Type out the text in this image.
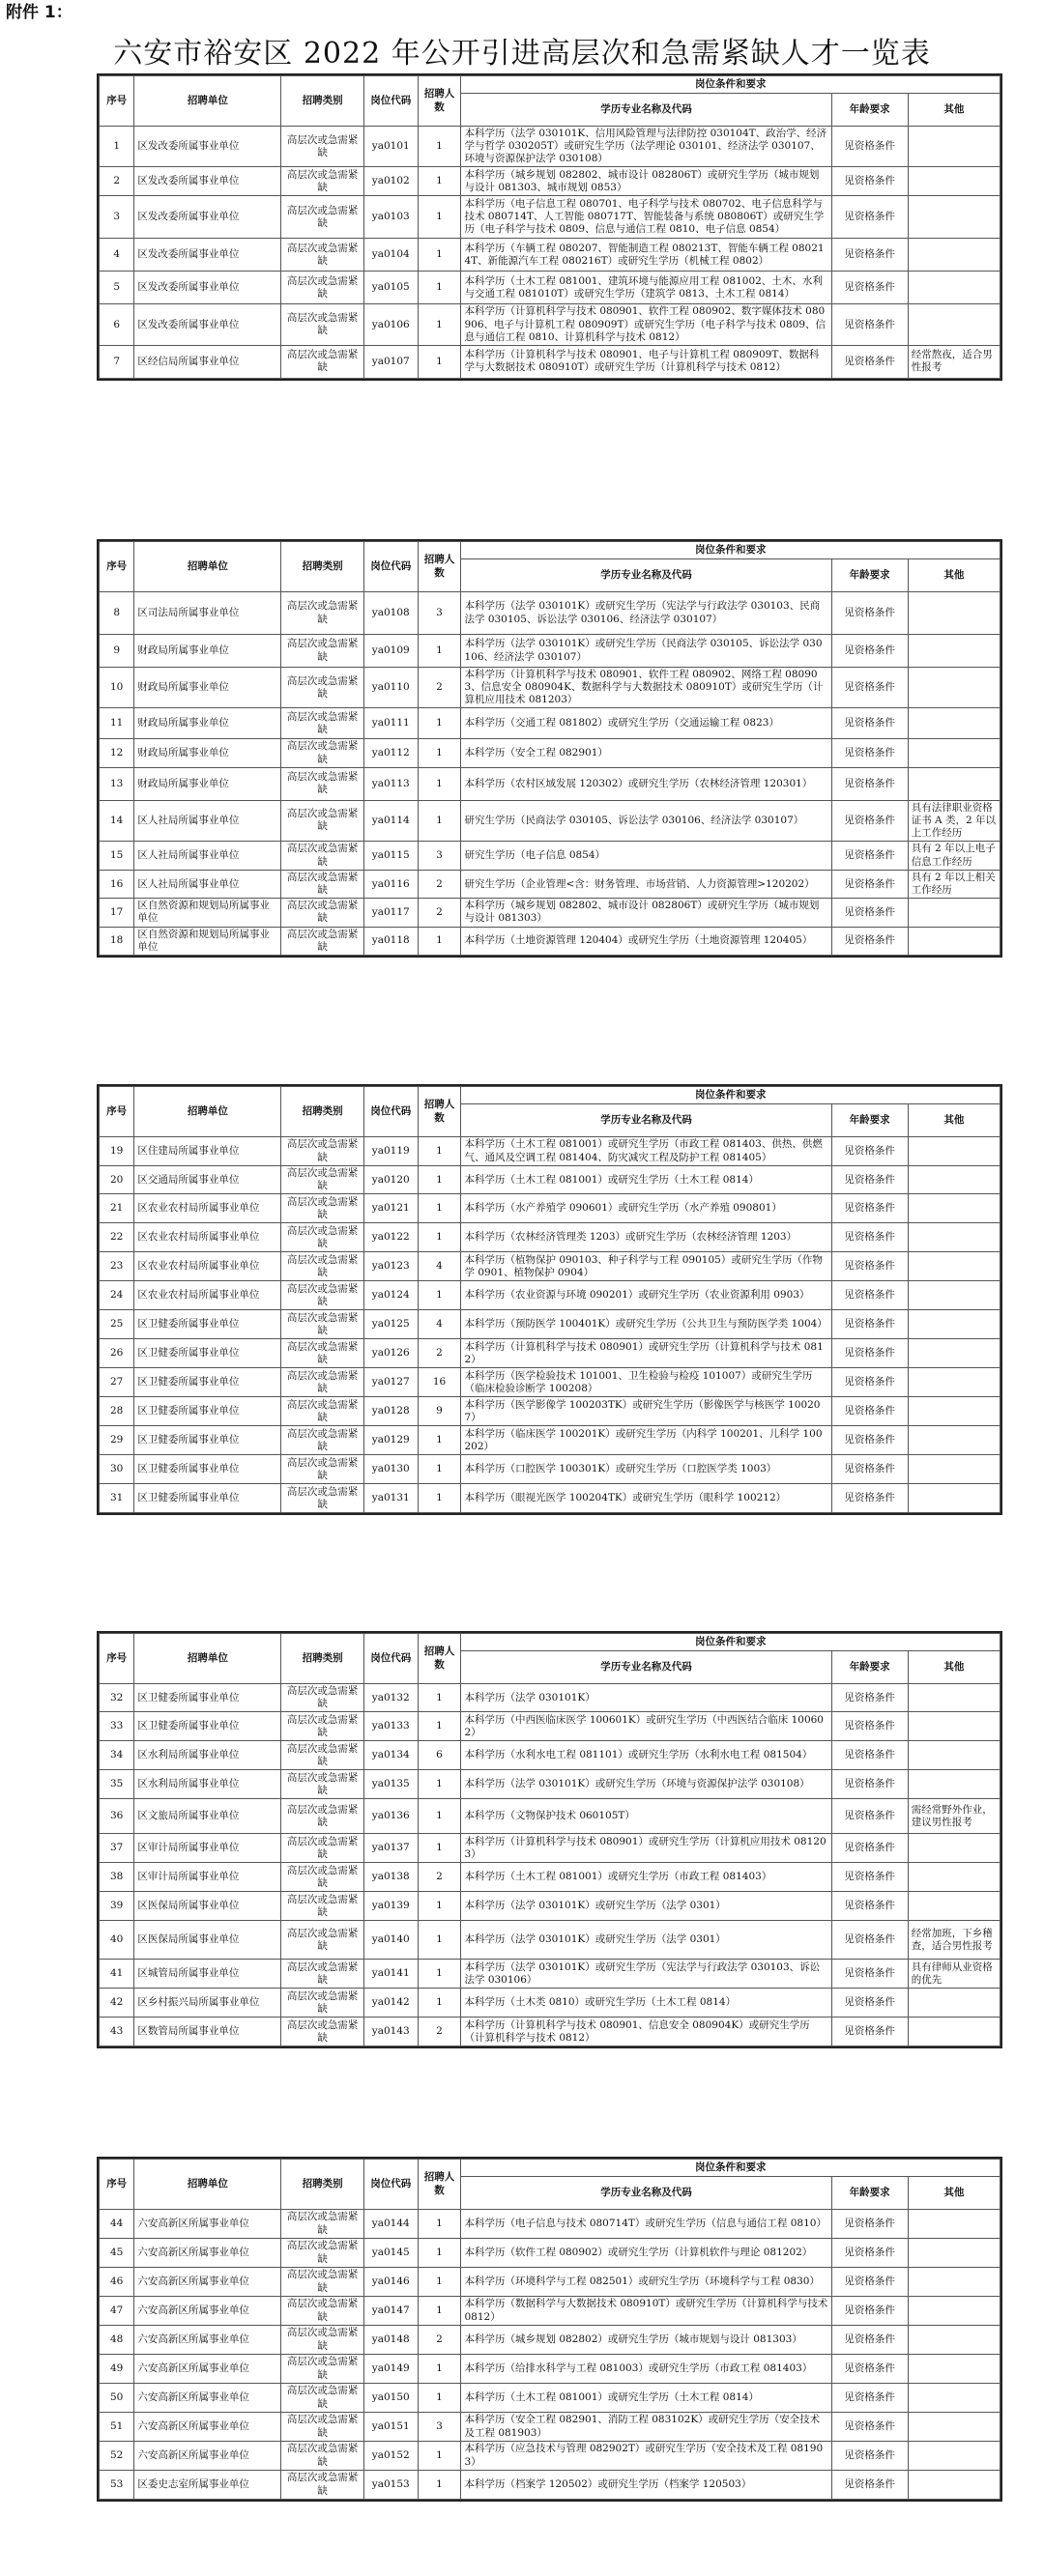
附件 1：
六安市裕安区 2022 年公开引进高层次和急需紧缺人才一览表
序号	招聘单位	招聘类别	岗位代码	招聘人数	岗位条件和要求		
					学历专业名称及代码	年龄要求	其他
1	区发改委所属事业单位	高层次或急需紧缺	ya0101	1	本科学历（法学 030101K、信用风险管理与法律防控 030104T、政治学、经济学与哲学 030205T）或研究生学历（法学理论 030101、经济法学 030107、环境与资源保护法学 030108）	见资格条件	
2	区发改委所属事业单位	高层次或急需紧缺	ya0102	1	本科学历（城乡规划 082802、城市设计 082806T）或研究生学历（城市规划与设计 081303、城市规划 0853）	见资格条件	
3	区发改委所属事业单位	高层次或急需紧缺	ya0103	1	本科学历（电子信息工程 080701、电子科学与技术 080702、电子信息科学与技术 080714T、人工智能 080717T、智能装备与系统 080806T）或研究生学历（电子科学与技术 0809、信息与通信工程 0810、电子信息 0854）	见资格条件	
4	区发改委所属事业单位	高层次或急需紧缺	ya0104	1	本科学历（车辆工程 080207、智能制造工程 080213T、智能车辆工程 080214T、新能源汽车工程 080216T）或研究生学历（机械工程 0802）	见资格条件	
5	区发改委所属事业单位	高层次或急需紧缺	ya0105	1	本科学历（土木工程 081001、建筑环境与能源应用工程 081002、土木、水利与交通工程 081010T）或研究生学历（建筑学 0813、土木工程 0814）	见资格条件	
6	区发改委所属事业单位	高层次或急需紧缺	ya0106	1	本科学历（计算机科学与技术 080901、软件工程 080902、数字媒体技术 080906、电子与计算机工程 080909T）或研究生学历（电子科学与技术 0809、信息与通信工程 0810、计算机科学与技术 0812）	见资格条件	
7	区经信局所属事业单位	高层次或急需紧缺	ya0107	1	本科学历（计算机科学与技术 080901、电子与计算机工程 080909T、数据科学与大数据技术 080910T）或研究生学历（计算机科学与技术 0812）	见资格条件	经常熬夜，适合男性报考
序号	招聘单位	招聘类别	岗位代码	招聘人数	岗位条件和要求		
					学历专业名称及代码	年龄要求	其他
8	区司法局所属事业单位	高层次或急需紧缺	ya0108	3	本科学历（法学 030101K）或研究生学历（宪法学与行政法学 030103、民商法学 030105、诉讼法学 030106、经济法学 030107）	见资格条件	
9	财政局所属事业单位	高层次或急需紧缺	ya0109	1	本科学历（法学 030101K）或研究生学历（民商法学 030105、诉讼法学 030106、经济法学 030107）	见资格条件	
10	财政局所属事业单位	高层次或急需紧缺	ya0110	2	本科学历（计算机科学与技术 080901、软件工程 080902、网络工程 080903、信息安全 080904K、数据科学与大数据技术 080910T）或研究生学历（计算机应用技术 081203）	见资格条件	
11	财政局所属事业单位	高层次或急需紧缺	ya0111	1	本科学历（交通工程 081802）或研究生学历（交通运输工程 0823）	见资格条件	
12	财政局所属事业单位	高层次或急需紧缺	ya0112	1	本科学历（安全工程 082901）	见资格条件	
13	财政局所属事业单位	高层次或急需紧缺	ya0113	1	本科学历（农村区域发展 120302）或研究生学历（农林经济管理 120301）	见资格条件	
14	区人社局所属事业单位	高层次或急需紧缺	ya0114	1	研究生学历（民商法学 030105、诉讼法学 030106、经济法学 030107）	见资格条件	具有法律职业资格证书 A 类，2 年以上工作经历
15	区人社局所属事业单位	高层次或急需紧缺	ya0115	3	研究生学历（电子信息 0854）	见资格条件	具有 2 年以上电子信息工作经历
16	区人社局所属事业单位	高层次或急需紧缺	ya0116	2	研究生学历（企业管理<含：财务管理、市场营销、人力资源管理>120202）	见资格条件	具有 2 年以上相关工作经历
17	区自然资源和规划局所属事业单位	高层次或急需紧缺	ya0117	2	本科学历（城乡规划 082802、城市设计 082806T）或研究生学历（城市规划与设计 081303）	见资格条件	
18	区自然资源和规划局所属事业单位	高层次或急需紧缺	ya0118	1	本科学历（土地资源管理 120404）或研究生学历（土地资源管理 120405）	见资格条件	
序号	招聘单位	招聘类别	岗位代码	招聘人数	岗位条件和要求		
					学历专业名称及代码	年龄要求	其他
19	区住建局所属事业单位	高层次或急需紧缺	ya0119	1	本科学历（土木工程 081001）或研究生学历（市政工程 081403、供热、供燃气、通风及空调工程 081404、防灾减灾工程及防护工程 081405）	见资格条件	
20	区交通局所属事业单位	高层次或急需紧缺	ya0120	1	本科学历（土木工程 081001）或研究生学历（土木工程 0814）	见资格条件	
21	区农业农村局所属事业单位	高层次或急需紧缺	ya0121	1	本科学历（水产养殖学 090601）或研究生学历（水产养殖 090801）	见资格条件	
22	区农业农村局所属事业单位	高层次或急需紧缺	ya0122	1	本科学历（农林经济管理类 1203）或研究生学历（农林经济管理 1203）	见资格条件	
23	区农业农村局所属事业单位	高层次或急需紧缺	ya0123	4	本科学历（植物保护 090103、种子科学与工程 090105）或研究生学历（作物学 0901、植物保护 0904）	见资格条件	
24	区农业农村局所属事业单位	高层次或急需紧缺	ya0124	1	本科学历（农业资源与环境 090201）或研究生学历（农业资源利用 0903）	见资格条件	
25	区卫健委所属事业单位	高层次或急需紧缺	ya0125	4	本科学历（预防医学 100401K）或研究生学历（公共卫生与预防医学类 1004）	见资格条件	
26	区卫健委所属事业单位	高层次或急需紧缺	ya0126	2	本科学历（计算机科学与技术 080901）或研究生学历（计算机科学与技术 0812）	见资格条件	
27	区卫健委所属事业单位	高层次或急需紧缺	ya0127	16	本科学历（医学检验技术 101001、卫生检验与检疫 101007）或研究生学历（临床检验诊断学 100208）	见资格条件	
28	区卫健委所属事业单位	高层次或急需紧缺	ya0128	9	本科学历（医学影像学 100203TK）或研究生学历（影像医学与核医学 100207）	见资格条件	
29	区卫健委所属事业单位	高层次或急需紧缺	ya0129	1	本科学历（临床医学 100201K）或研究生学历（内科学 100201、儿科学 100202）	见资格条件	
30	区卫健委所属事业单位	高层次或急需紧缺	ya0130	1	本科学历（口腔医学 100301K）或研究生学历（口腔医学类 1003）	见资格条件	
31	区卫健委所属事业单位	高层次或急需紧缺	ya0131	1	本科学历（眼视光医学 100204TK）或研究生学历（眼科学 100212）	见资格条件	
序号	招聘单位	招聘类别	岗位代码	招聘人数	岗位条件和要求		
					学历专业名称及代码	年龄要求	其他
32	区卫健委所属事业单位	高层次或急需紧缺	ya0132	1	本科学历（法学 030101K）	见资格条件	
33	区卫健委所属事业单位	高层次或急需紧缺	ya0133	1	本科学历（中西医临床医学 100601K）或研究生学历（中西医结合临床 100602）	见资格条件	
34	区水利局所属事业单位	高层次或急需紧缺	ya0134	6	本科学历（水利水电工程 081101）或研究生学历（水利水电工程 081504）	见资格条件	
35	区水利局所属事业单位	高层次或急需紧缺	ya0135	1	本科学历（法学 030101K）或研究生学历（环境与资源保护法学 030108）	见资格条件	
36	区文旅局所属事业单位	高层次或急需紧缺	ya0136	1	本科学历（文物保护技术 060105T）	见资格条件	需经常野外作业，建议男性报考
37	区审计局所属事业单位	高层次或急需紧缺	ya0137	1	本科学历（计算机科学与技术 080901）或研究生学历（计算机应用技术 081203）	见资格条件	
38	区审计局所属事业单位	高层次或急需紧缺	ya0138	2	本科学历（土木工程 081001）或研究生学历（市政工程 081403）	见资格条件	
39	区医保局所属事业单位	高层次或急需紧缺	ya0139	1	本科学历（法学 030101K）或研究生学历（法学 0301）	见资格条件	
40	区医保局所属事业单位	高层次或急需紧缺	ya0140	1	本科学历（法学 030101K）或研究生学历（法学 0301）	见资格条件	经常加班，下乡稽查，适合男性报考
41	区城管局所属事业单位	高层次或急需紧缺	ya0141	1	本科学历（法学 030101K）或研究生学历（宪法学与行政法学 030103、诉讼法学 030106）	见资格条件	具有律师从业资格的优先
42	区乡村振兴局所属事业单位	高层次或急需紧缺	ya0142	1	本科学历（土木类 0810）或研究生学历（土木工程 0814）	见资格条件	
43	区数管局所属事业单位	高层次或急需紧缺	ya0143	2	本科学历（计算机科学与技术 080901、信息安全 080904K）或研究生学历（计算机科学与技术 0812）	见资格条件	
序号	招聘单位	招聘类别	岗位代码	招聘人数	岗位条件和要求		
					学历专业名称及代码	年龄要求	其他
44	六安高新区所属事业单位	高层次或急需紧缺	ya0144	1	本科学历（电子信息与技术 080714T）或研究生学历（信息与通信工程 0810）	见资格条件	
45	六安高新区所属事业单位	高层次或急需紧缺	ya0145	1	本科学历（软件工程 080902）或研究生学历（计算机软件与理论 081202）	见资格条件	
46	六安高新区所属事业单位	高层次或急需紧缺	ya0146	1	本科学历（环境科学与工程 082501）或研究生学历（环境科学与工程 0830）	见资格条件	
47	六安高新区所属事业单位	高层次或急需紧缺	ya0147	1	本科学历（数据科学与大数据技术 080910T）或研究生学历（计算机科学与技术 0812）	见资格条件	
48	六安高新区所属事业单位	高层次或急需紧缺	ya0148	2	本科学历（城乡规划 082802）或研究生学历（城市规划与设计 081303）	见资格条件	
49	六安高新区所属事业单位	高层次或急需紧缺	ya0149	1	本科学历（给排水科学与工程 081003）或研究生学历（市政工程 081403）	见资格条件	
50	六安高新区所属事业单位	高层次或急需紧缺	ya0150	1	本科学历（土木工程 081001）或研究生学历（土木工程 0814）	见资格条件	
51	六安高新区所属事业单位	高层次或急需紧缺	ya0151	3	本科学历（安全工程 082901、消防工程 083102K）或研究生学历（安全技术及工程 081903）	见资格条件	
52	六安高新区所属事业单位	高层次或急需紧缺	ya0152	1	本科学历（应急技术与管理 082902T）或研究生学历（安全技术及工程 081903）	见资格条件	
53	区委史志室所属事业单位	高层次或急需紧缺	ya0153	1	本科学历（档案学 120502）或研究生学历（档案学 120503）	见资格条件	
